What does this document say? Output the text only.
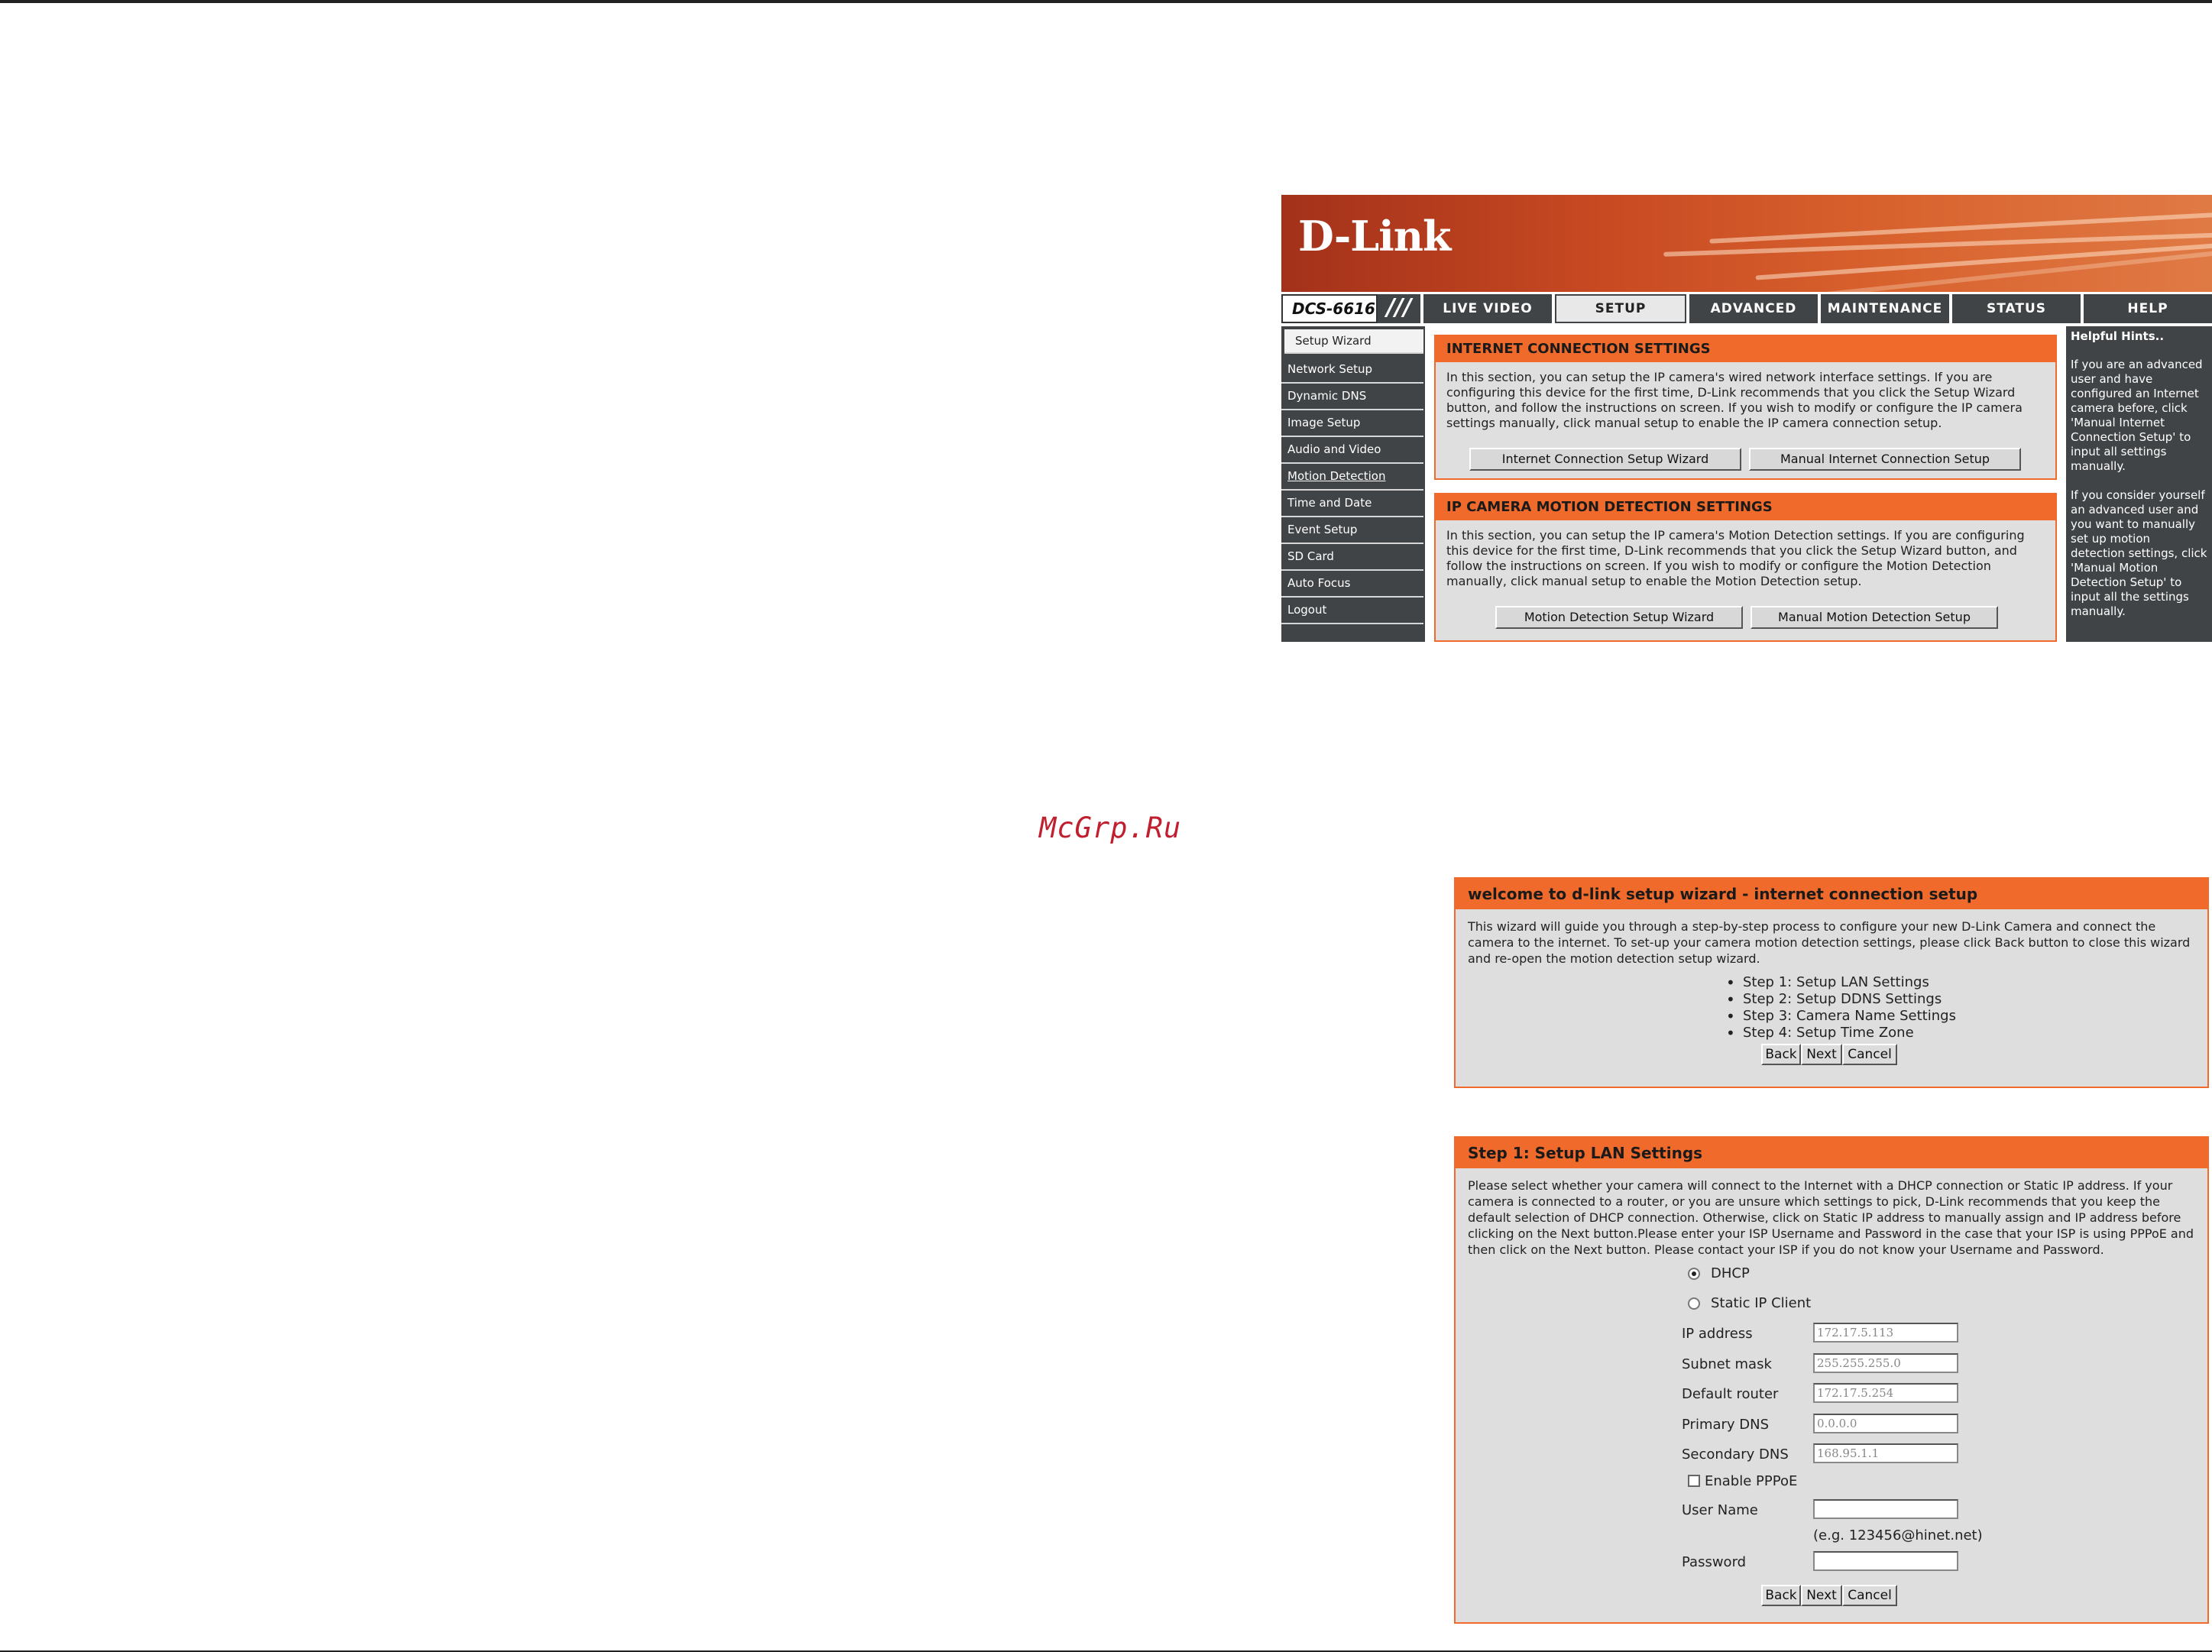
D-Link
DCS-6616 ///	LIVE VIDEO	SETUP	ADVANCED	MAINTENANCE	STATUS	HELP
Setup Wizard
Network Setup
Dynamic DNS
Image Setup
Audio and Video
Motion Detection
Time and Date
Event Setup
SD Card
Auto Focus
Logout
INTERNET CONNECTION SETTINGS
In this section, you can setup the IP camera's wired network interface settings. If you are configuring this device for the first time, D-Link recommends that you click the Setup Wizard button, and follow the instructions on screen. If you wish to modify or configure the IP camera settings manually, click manual setup to enable the IP camera connection setup.
Internet Connection Setup Wizard	Manual Internet Connection Setup
IP CAMERA MOTION DETECTION SETTINGS
In this section, you can setup the IP camera's Motion Detection settings. If you are configuring this device for the first time, D-Link recommends that you click the Setup Wizard button, and follow the instructions on screen. If you wish to modify or configure the Motion Detection manually, click manual setup to enable the Motion Detection setup.
Motion Detection Setup Wizard	Manual Motion Detection Setup
Helpful Hints..

If you are an advanced user and have configured an Internet camera before, click 'Manual Internet Connection Setup' to input all settings manually.

If you consider yourself an advanced user and you want to manually set up motion detection settings, click 'Manual Motion Detection Setup' to input all the settings manually.

McGrp.Ru
welcome to d-link setup wizard - internet connection setup
This wizard will guide you through a step-by-step process to configure your new D-Link Camera and connect the camera to the internet. To set-up your camera motion detection settings, please click Back button to close this wizard and re-open the motion detection setup wizard.
• Step 1: Setup LAN Settings
• Step 2: Setup DDNS Settings
• Step 3: Camera Name Settings
• Step 4: Setup Time Zone
Back Next Cancel
Step 1: Setup LAN Settings
Please select whether your camera will connect to the Internet with a DHCP connection or Static IP address. If your camera is connected to a router, or you are unsure which settings to pick, D-Link recommends that you keep the default selection of DHCP connection. Otherwise, click on Static IP address to manually assign and IP address before clicking on the Next button.Please enter your ISP Username and Password in the case that your ISP is using PPPoE and then click on the Next button. Please contact your ISP if you do not know your Username and Password.
DHCP
Static IP Client
IP address	172.17.5.113
Subnet mask	255.255.255.0
Default router	172.17.5.254
Primary DNS	0.0.0.0
Secondary DNS	168.95.1.1
Enable PPPoE
User Name
(e.g. 123456@hinet.net)
Password
Back Next Cancel
